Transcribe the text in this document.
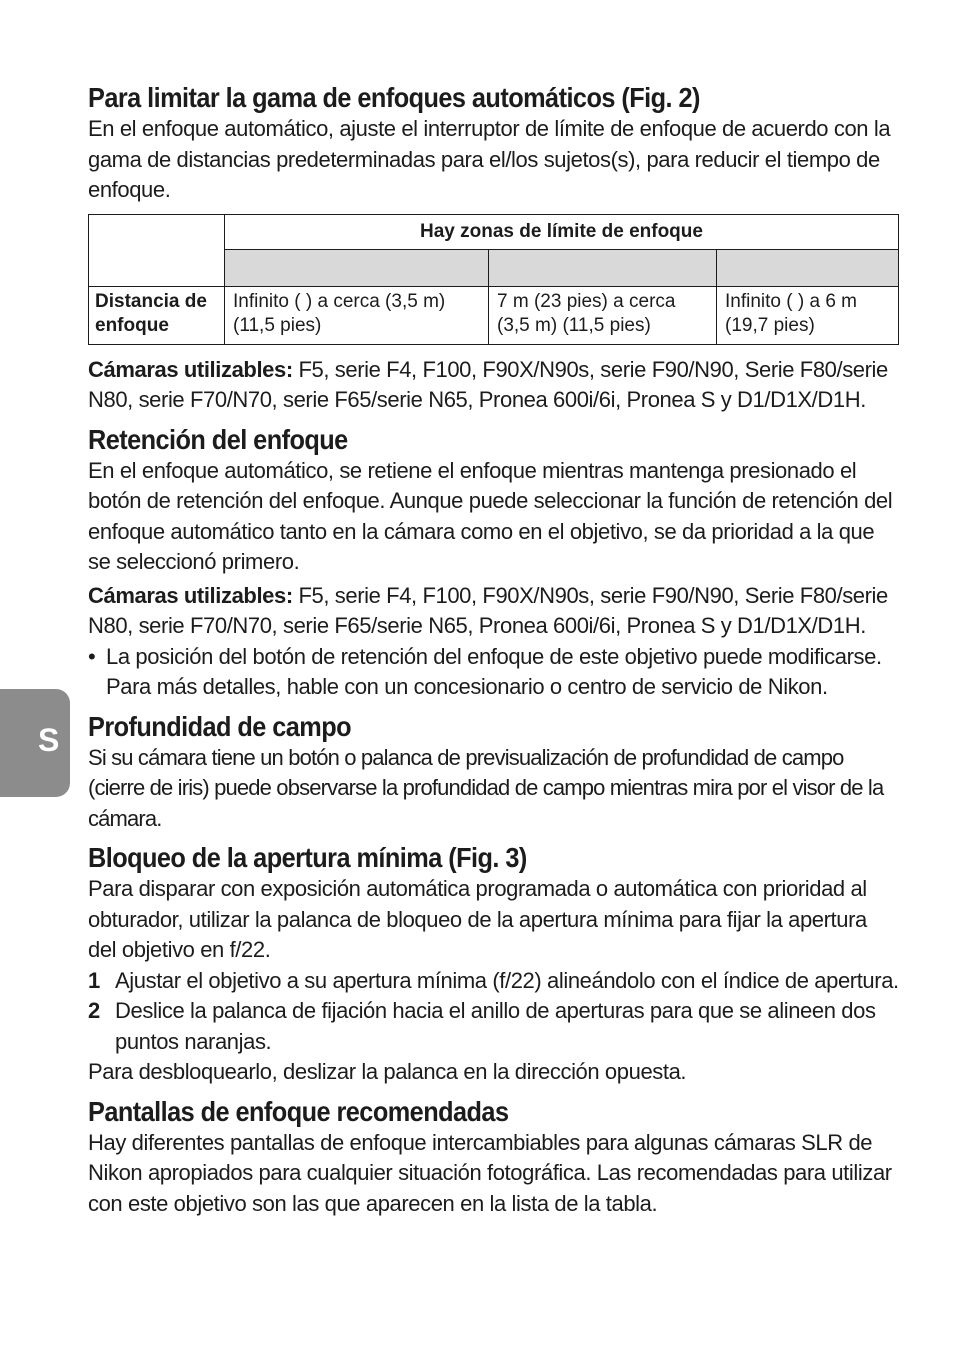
S
Para limitar la gama de enfoques automáticos (Fig. 2)

En el enfoque automático, ajuste el interruptor de límite de enfoque de acuerdo con la gama de distancias predeterminadas para el/los sujetos(s), para reducir el tiempo de enfoque.

	Hay zonas de límite de enfoque		

Distancia de enfoque	Infinito ( ) a cerca (3,5 m) (11,5 pies)	7 m (23 pies) a cerca (3,5 m) (11,5 pies)	Infinito ( ) a 6 m (19,7 pies)

Cámaras utilizables: F5, serie F4, F100, F90X/N90s, serie F90/N90, Serie F80/serie N80, serie F70/N70, serie F65/serie N65, Pronea 600i/6i, Pronea S y D1/D1X/D1H.

Retención del enfoque

En el enfoque automático, se retiene el enfoque mientras mantenga presionado el botón de retención del enfoque. Aunque puede seleccionar la función de retención del enfoque automático tanto en la cámara como en el objetivo, se da prioridad a la que se seleccionó primero.

Cámaras utilizables: F5, serie F4, F100, F90X/N90s, serie F90/N90, Serie F80/serie N80, serie F70/N70, serie F65/serie N65, Pronea 600i/6i, Pronea S y D1/D1X/D1H.

• La posición del botón de retención del enfoque de este objetivo puede modificarse. Para más detalles, hable con un concesionario o centro de servicio de Nikon.

Profundidad de campo

Si su cámara tiene un botón o palanca de previsualización de profundidad de campo (cierre de iris) puede observarse la profundidad de campo mientras mira por el visor de la cámara.

Bloqueo de la apertura mínima (Fig. 3)

Para disparar con exposición automática programada o automática con prioridad al obturador, utilizar la palanca de bloqueo de la apertura mínima para fijar la apertura del objetivo en f/22.

1 Ajustar el objetivo a su apertura mínima (f/22) alineándolo con el índice de apertura.

2 Deslice la palanca de fijación hacia el anillo de aperturas para que se alineen dos puntos naranjas.

Para desbloquearlo, deslizar la palanca en la dirección opuesta.

Pantallas de enfoque recomendadas

Hay diferentes pantallas de enfoque intercambiables para algunas cámaras SLR de Nikon apropiados para cualquier situación fotográfica. Las recomendadas para utilizar con este objetivo son las que aparecen en la lista de la tabla.
